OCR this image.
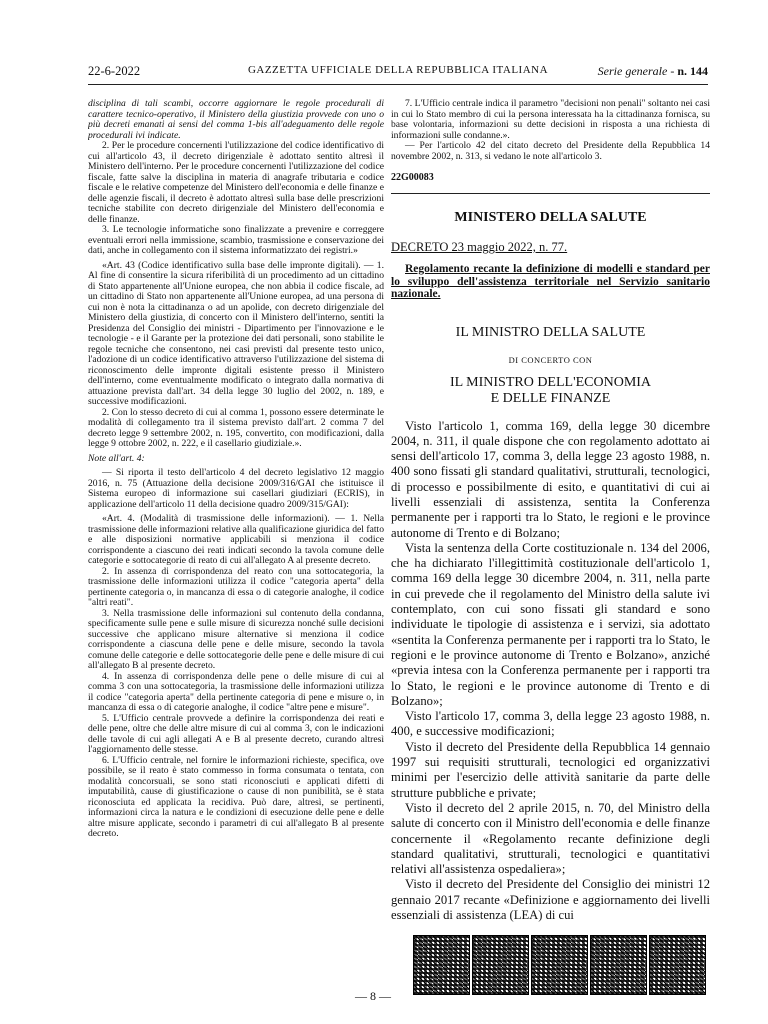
22-6-2022	GAZZETTA UFFICIALE DELLA REPUBBLICA ITALIANA	Serie generale - n. 144

disciplina di tali scambi, occorre aggiornare le regole procedurali di carattere tecnico-operativo, il Ministero della giustizia provvede con uno o più decreti emanati ai sensi del comma 1-bis all'adeguamento delle regole procedurali ivi indicate.

2. Per le procedure concernenti l'utilizzazione del codice identificativo di cui all'articolo 43, il decreto dirigenziale è adottato sentito altresì il Ministero dell'interno. Per le procedure concernenti l'utilizzazione del codice fiscale, fatte salve la disciplina in materia di anagrafe tributaria e codice fiscale e le relative competenze del Ministero dell'economia e delle finanze e delle agenzie fiscali, il decreto è adottato altresì sulla base delle prescrizioni tecniche stabilite con decreto dirigenziale del Ministero dell'economia e delle finanze.

3. Le tecnologie informatiche sono finalizzate a prevenire e correggere eventuali errori nella immissione, scambio, trasmissione e conservazione dei dati, anche in collegamento con il sistema informatizzato dei registri.»

«Art. 43 (Codice identificativo sulla base delle impronte digitali). — 1. Al fine di consentire la sicura riferibilità di un procedimento ad un cittadino di Stato appartenente all'Unione europea, che non abbia il codice fiscale, ad un cittadino di Stato non appartenente all'Unione europea, ad una persona di cui non è nota la cittadinanza o ad un apolide, con decreto dirigenziale del Ministero della giustizia, di concerto con il Ministero dell'interno, sentiti la Presidenza del Consiglio dei ministri - Dipartimento per l'innovazione e le tecnologie - e il Garante per la protezione dei dati personali, sono stabilite le regole tecniche che consentono, nei casi previsti dal presente testo unico, l'adozione di un codice identificativo attraverso l'utilizzazione del sistema di riconoscimento delle impronte digitali esistente presso il Ministero dell'interno, come eventualmente modificato o integrato dalla normativa di attuazione prevista dall'art. 34 della legge 30 luglio del 2002, n. 189, e successive modificazioni.

2. Con lo stesso decreto di cui al comma 1, possono essere determinate le modalità di collegamento tra il sistema previsto dall'art. 2 comma 7 del decreto legge 9 settembre 2002, n. 195, convertito, con modificazioni, dalla legge 9 ottobre 2002, n. 222, e il casellario giudiziale.».

Note all'art. 4:

— Si riporta il testo dell'articolo 4 del decreto legislativo 12 maggio 2016, n. 75 (Attuazione della decisione 2009/316/GAI che istituisce il Sistema europeo di informazione sui casellari giudiziari (ECRIS), in applicazione dell'articolo 11 della decisione quadro 2009/315/GAI):

«Art. 4. (Modalità di trasmissione delle informazioni). — 1. Nella trasmissione delle informazioni relative alla qualificazione giuridica del fatto e alle disposizioni normative applicabili si menziona il codice corrispondente a ciascuno dei reati indicati secondo la tavola comune delle categorie e sottocategorie di reato di cui all'allegato A al presente decreto.

2. In assenza di corrispondenza del reato con una sottocategoria, la trasmissione delle informazioni utilizza il codice "categoria aperta" della pertinente categoria o, in mancanza di essa o di categorie analoghe, il codice "altri reati".

3. Nella trasmissione delle informazioni sul contenuto della condanna, specificamente sulle pene e sulle misure di sicurezza nonché sulle decisioni successive che applicano misure alternative si menziona il codice corrispondente a ciascuna delle pene e delle misure, secondo la tavola comune delle categorie e delle sottocategorie delle pene e delle misure di cui all'allegato B al presente decreto.

4. In assenza di corrispondenza delle pene o delle misure di cui al comma 3 con una sottocategoria, la trasmissione delle informazioni utilizza il codice "categoria aperta" della pertinente categoria di pene e misure o, in mancanza di essa o di categorie analoghe, il codice "altre pene e misure".

5. L'Ufficio centrale provvede a definire la corrispondenza dei reati e delle pene, oltre che delle altre misure di cui al comma 3, con le indicazioni delle tavole di cui agli allegati A e B al presente decreto, curando altresì l'aggiornamento delle stesse.

6. L'Ufficio centrale, nel fornire le informazioni richieste, specifica, ove possibile, se il reato è stato commesso in forma consumata o tentata, con modalità concorsuali, se sono stati riconosciuti e applicati difetti di imputabilità, cause di giustificazione o cause di non punibilità, se è stata riconosciuta ed applicata la recidiva. Può dare, altresì, se pertinenti, informazioni circa la natura e le condizioni di esecuzione delle pene e delle altre misure applicate, secondo i parametri di cui all'allegato B al presente decreto.

7. L'Ufficio centrale indica il parametro "decisioni non penali" soltanto nei casi in cui lo Stato membro di cui la persona interessata ha la cittadinanza fornisca, su base volontaria, informazioni su dette decisioni in risposta a una richiesta di informazioni sulle condanne.».

— Per l'articolo 42 del citato decreto del Presidente della Repubblica 14 novembre 2002, n. 313, si vedano le note all'articolo 3.

22G00083
MINISTERO DELLA SALUTE
DECRETO 23 maggio 2022, n. 77.
Regolamento recante la definizione di modelli e standard per lo sviluppo dell'assistenza territoriale nel Servizio sanitario nazionale.
IL MINISTRO DELLA SALUTE
DI CONCERTO CON
IL MINISTRO DELL'ECONOMIA
E DELLE FINANZE

Visto l'articolo 1, comma 169, della legge 30 dicembre 2004, n. 311, il quale dispone che con regolamento adottato ai sensi dell'articolo 17, comma 3, della legge 23 agosto 1988, n. 400 sono fissati gli standard qualitativi, strutturali, tecnologici, di processo e possibilmente di esito, e quantitativi di cui ai livelli essenziali di assistenza, sentita la Conferenza permanente per i rapporti tra lo Stato, le regioni e le province autonome di Trento e di Bolzano;

Vista la sentenza della Corte costituzionale n. 134 del 2006, che ha dichiarato l'illegittimità costituzionale dell'articolo 1, comma 169 della legge 30 dicembre 2004, n. 311, nella parte in cui prevede che il regolamento del Ministro della salute ivi contemplato, con cui sono fissati gli standard e sono individuate le tipologie di assistenza e i servizi, sia adottato «sentita la Conferenza permanente per i rapporti tra lo Stato, le regioni e le province autonome di Trento e Bolzano», anziché «previa intesa con la Conferenza permanente per i rapporti tra lo Stato, le regioni e le province autonome di Trento e di Bolzano»;

Visto l'articolo 17, comma 3, della legge 23 agosto 1988, n. 400, e successive modificazioni;

Visto il decreto del Presidente della Repubblica 14 gennaio 1997 sui requisiti strutturali, tecnologici ed organizzativi minimi per l'esercizio delle attività sanitarie da parte delle strutture pubbliche e private;

Visto il decreto del 2 aprile 2015, n. 70, del Ministro della salute di concerto con il Ministro dell'economia e delle finanze concernente il «Regolamento recante definizione degli standard qualitativi, strutturali, tecnologici e quantitativi relativi all'assistenza ospedaliera»;

Visto il decreto del Presidente del Consiglio dei ministri 12 gennaio 2017 recante «Definizione e aggiornamento dei livelli essenziali di assistenza (LEA) di cui

— 8 —
